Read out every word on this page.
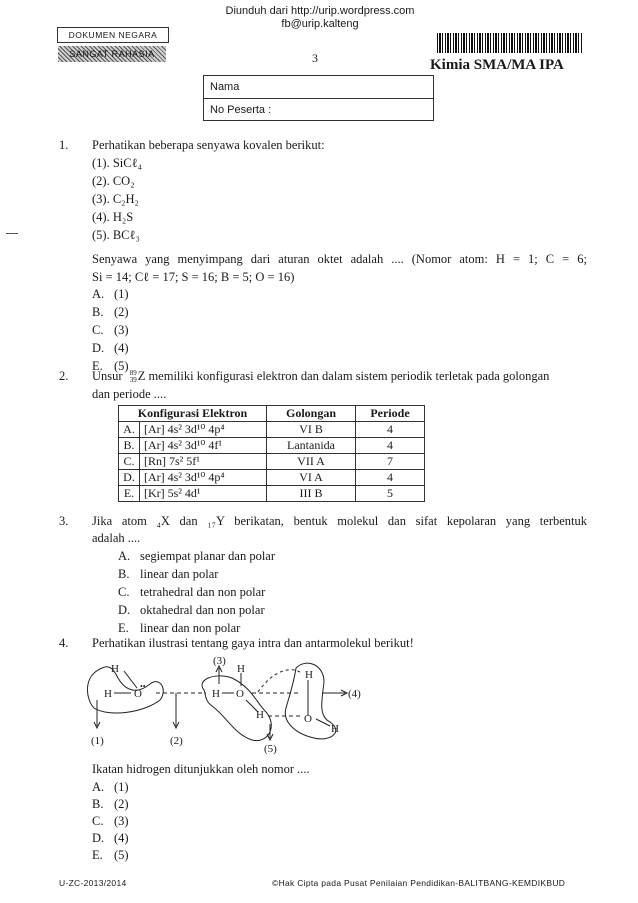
DOKUMEN NEGARA
SANGAT RAHASIA
Diunduh dari http://urip.wordpress.com
fb@urip.kalteng
3	Kimia SMA/MA IPA
Nama
No Peserta :
1. Perhatikan beberapa senyawa kovalen berikut:
(1). SiCℓ₄
(2). CO₂
(3). C₂H₂
(4). H₂S
(5). BCℓ₃
Senyawa yang menyimpang dari aturan oktet adalah .... (Nomor atom: H = 1; C = 6;
Si = 14; Cℓ = 17; S = 16; B = 5; O = 16)
A. (1)
B. (2)
C. (3)
D. (4)
E. (5)
2. Unsur 89
39 Z memiliki konfigurasi elektron dan dalam sistem periodik terletak pada golongan
dan periode ....
Konfigurasi Elektron		Golongan	Periode
A.	[Ar] 4s² 3d¹⁰ 4p⁴	VI B	4
B.	[Ar] 4s² 3d¹⁰ 4f¹	Lantanida	4
C.	[Rn] 7s² 5f¹	VII A	7
D.	[Ar] 4s² 3d¹⁰ 4p⁴	VI A	4
E.	[Kr] 5s² 4d¹	III B	5
3. Jika atom ₄X dan ₁₇Y berikatan, bentuk molekul dan sifat kepolaran yang terbentuk
adalah ....
A. segiempat planar dan polar
B. linear dan polar
C. tetrahedral dan non polar
D. oktahedral dan non polar
E. linear dan non polar
4. Perhatikan ilustrasi tentang gaya intra dan antarmolekul berikut!
H
H O
••
H O
H
H
H
O
H
(1)	(2)
(3)
(4)
(5)
Ikatan hidrogen ditunjukkan oleh nomor ....
A. (1)
B. (2)
C. (3)
D. (4)
E. (5)
U-ZC-2013/2014	©Hak Cipta pada Pusat Penilaian Pendidikan-BALITBANG-KEMDIKBUD
